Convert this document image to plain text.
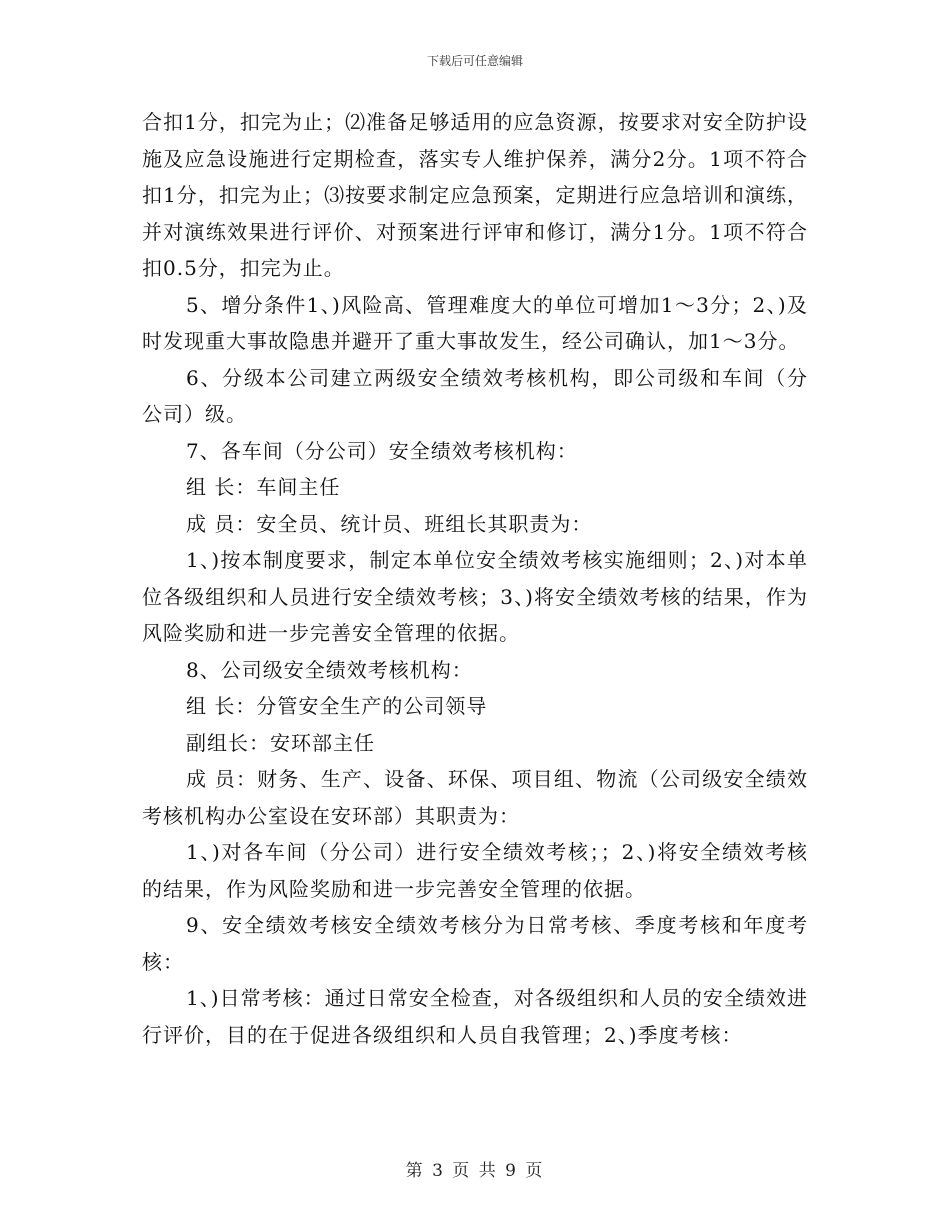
下载后可任意编辑

合扣1分，扣完为止；⑵准备足够适用的应急资源，按要求对安全防护设施及应急设施进行定期检查，落实专人维护保养，满分2分。1项不符合扣1分，扣完为止；⑶按要求制定应急预案，定期进行应急培训和演练，并对演练效果进行评价、对预案进行评审和修订，满分1分。1项不符合扣0.5分，扣完为止。

5、增分条件1、)风险高、管理难度大的单位可增加1～3分；2、)及时发现重大事故隐患并避开了重大事故发生，经公司确认，加1～3分。

6、分级本公司建立两级安全绩效考核机构，即公司级和车间（分公司）级。

7、各车间（分公司）安全绩效考核机构：

组 长：车间主任

成 员：安全员、统计员、班组长其职责为：

1、)按本制度要求，制定本单位安全绩效考核实施细则；2、)对本单位各级组织和人员进行安全绩效考核；3、)将安全绩效考核的结果，作为风险奖励和进一步完善安全管理的依据。

8、公司级安全绩效考核机构：

组 长：分管安全生产的公司领导

副组长：安环部主任

成 员：财务、生产、设备、环保、项目组、物流（公司级安全绩效考核机构办公室设在安环部）其职责为：

1、)对各车间（分公司）进行安全绩效考核；；2、)将安全绩效考核的结果，作为风险奖励和进一步完善安全管理的依据。

9、安全绩效考核安全绩效考核分为日常考核、季度考核和年度考核：

1、)日常考核：通过日常安全检查，对各级组织和人员的安全绩效进行评价，目的在于促进各级组织和人员自我管理；2、)季度考核：

第 3 页 共 9 页
